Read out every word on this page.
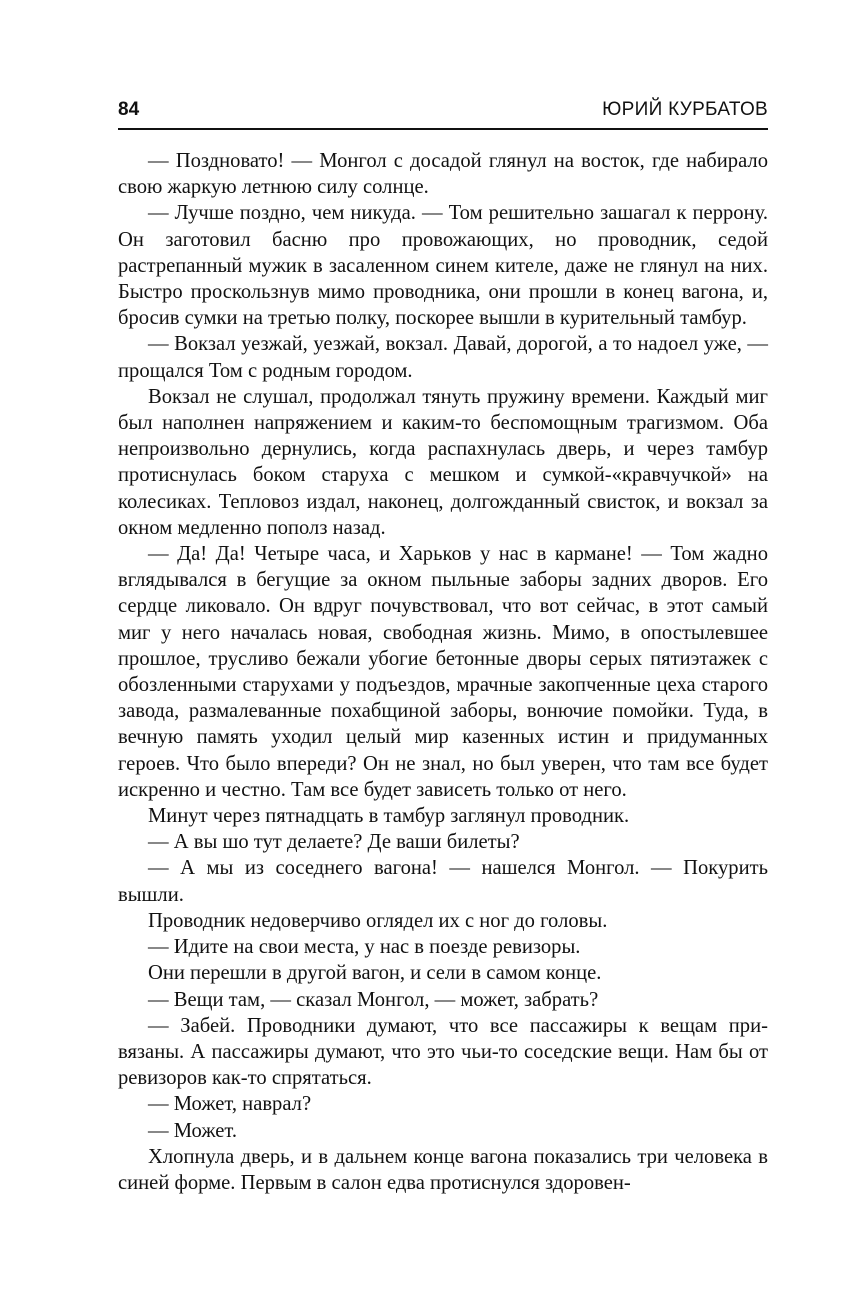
84	ЮРИЙ КУРБАТОВ

— Поздновато! — Монгол с досадой глянул на восток, где набирало свою жаркую летнюю силу солнце.

— Лучше поздно, чем никуда. — Том решительно зашагал к перрону. Он заготовил басню про провожающих, но проводник, седой растрепанный мужик в засаленном синем кителе, даже не глянул на них. Быстро проскользнув мимо проводника, они прошли в конец вагона, и, бросив сумки на третью полку, поскорее вышли в курительный тамбур.

— Вокзал уезжай, уезжай, вокзал. Давай, дорогой, а то надоел уже, — прощался Том с родным городом.

Вокзал не слушал, продолжал тянуть пружину времени. Каждый миг был наполнен напряжением и каким-то беспомощным трагизмом. Оба непроизвольно дернулись, когда распахнулась дверь, и через тамбур протиснулась боком старуха с мешком и сумкой-«кравчучкой» на колесиках. Тепловоз издал, наконец, долгожданный свисток, и вокзал за окном медленно пополз назад.

— Да! Да! Четыре часа, и Харьков у нас в кармане! — Том жадно вглядывался в бегущие за окном пыльные заборы задних дворов. Его сердце ликовало. Он вдруг почувствовал, что вот сейчас, в этот самый миг у него началась новая, свободная жизнь. Мимо, в опостылевшее прошлое, трусливо бежали убогие бетонные дворы серых пятиэтажек с обозленными старухами у подъездов, мрачные закопченные цеха старого завода, размалеванные похабщиной заборы, вонючие помойки. Туда, в вечную память уходил целый мир казенных истин и придуманных героев. Что было впереди? Он не знал, но был уверен, что там все будет искренно и честно. Там все будет зависеть только от него.

Минут через пятнадцать в тамбур заглянул проводник.

— А вы шо тут делаете? Де ваши билеты?

— А мы из соседнего вагона! — нашелся Монгол. — Покурить вышли.

Проводник недоверчиво оглядел их с ног до головы.

— Идите на свои места, у нас в поезде ревизоры.

Они перешли в другой вагон, и сели в самом конце.

— Вещи там, — сказал Монгол, — может, забрать?

— Забей. Проводники думают, что все пассажиры к вещам привязаны. А пассажиры думают, что это чьи-то соседские вещи. Нам бы от ревизоров как-то спрятаться.

— Может, наврал?

— Может.

Хлопнула дверь, и в дальнем конце вагона показались три человека в синей форме. Первым в салон едва протиснулся здоровен-
